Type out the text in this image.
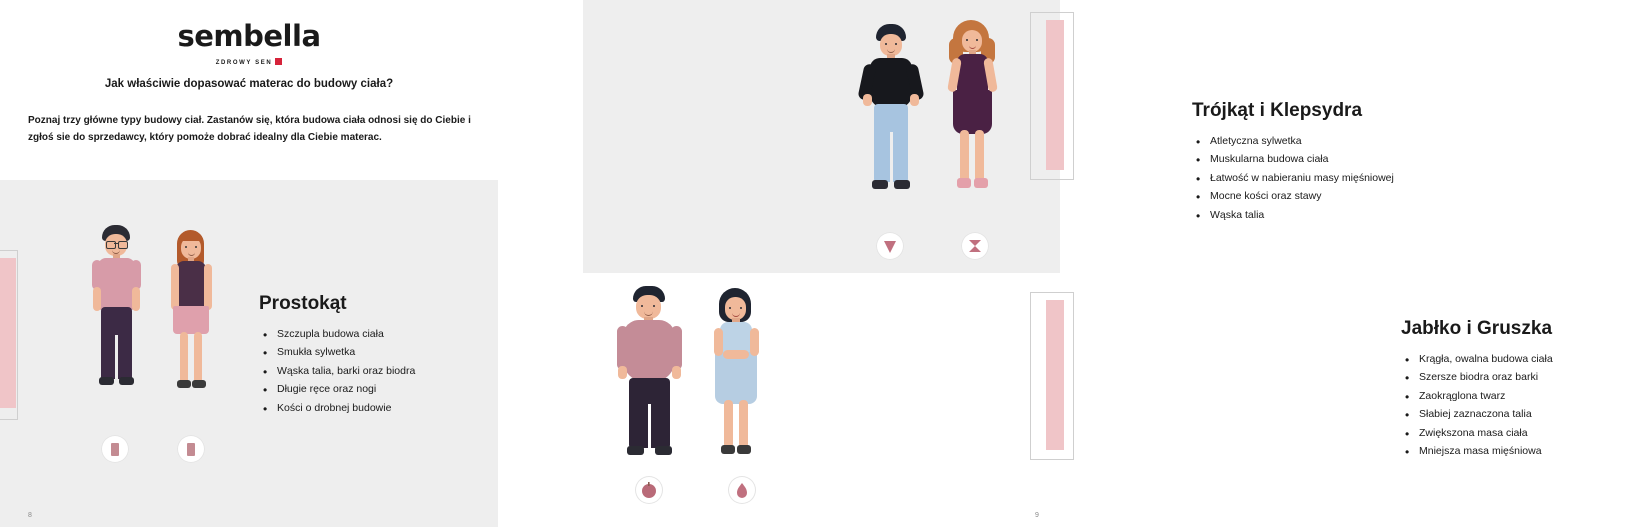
sembella
ZDROWY SEN
Jak właściwie dopasować materac do budowy ciała?
Poznaj trzy główne typy budowy ciał. Zastanów się, która budowa ciała odnosi się do Ciebie i zgłoś sie do sprzedawcy, który pomoże dobrać idealny dla Ciebie materac.
Prostokąt
• Szczupla budowa ciała
• Smukła sylwetka
• Wąska talia, barki oraz biodra
• Długie ręce oraz nogi
• Kości o drobnej budowie
8
Trójkąt i Klepsydra
• Atletyczna sylwetka
• Muskularna budowa ciała
• Łatwość w nabieraniu masy mięśniowej
• Mocne kości oraz stawy
• Wąska talia
Jabłko i Gruszka
• Krągła, owalna budowa ciała
• Szersze biodra oraz barki
• Zaokrąglona twarz
• Słabiej zaznaczona talia
• Zwiększona masa ciała
• Mniejsza masa mięśniowa
9
